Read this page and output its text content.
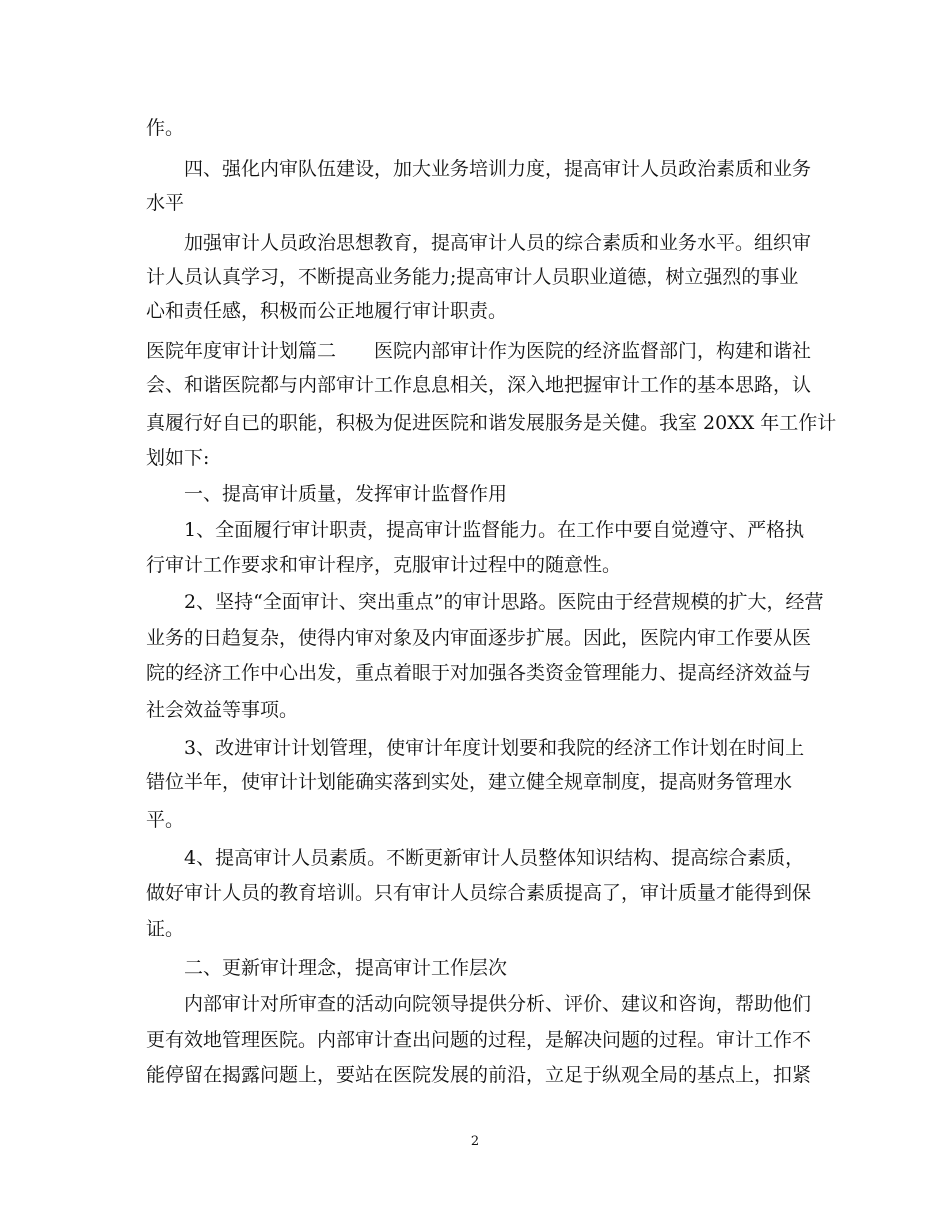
作。
四、强化内审队伍建设，加大业务培训力度，提高审计人员政治素质和业务
水平
加强审计人员政治思想教育，提高审计人员的综合素质和业务水平。组织审
计人员认真学习，不断提高业务能力;提高审计人员职业道德，树立强烈的事业
心和责任感，积极而公正地履行审计职责。
医院年度审计计划篇二　　医院内部审计作为医院的经济监督部门，构建和谐社
会、和谐医院都与内部审计工作息息相关，深入地把握审计工作的基本思路，认
真履行好自已的职能，积极为促进医院和谐发展服务是关健。我室 20XX 年工作计
划如下:
一、提高审计质量，发挥审计监督作用
1、全面履行审计职责，提高审计监督能力。在工作中要自觉遵守、严格执
行审计工作要求和审计程序，克服审计过程中的随意性。
2、坚持“全面审计、突出重点”的审计思路。医院由于经营规模的扩大，经营
业务的日趋复杂，使得内审对象及内审面逐步扩展。因此，医院内审工作要从医
院的经济工作中心出发，重点着眼于对加强各类资金管理能力、提高经济效益与
社会效益等事项。
3、改进审计计划管理，使审计年度计划要和我院的经济工作计划在时间上
错位半年，使审计计划能确实落到实处，建立健全规章制度，提高财务管理水
平。
4、提高审计人员素质。不断更新审计人员整体知识结构、提高综合素质，
做好审计人员的教育培训。只有审计人员综合素质提高了，审计质量才能得到保
证。
二、更新审计理念，提高审计工作层次
内部审计对所审查的活动向院领导提供分析、评价、建议和咨询，帮助他们
更有效地管理医院。内部审计查出问题的过程，是解决问题的过程。审计工作不
能停留在揭露问题上，要站在医院发展的前沿，立足于纵观全局的基点上，扣紧
2
